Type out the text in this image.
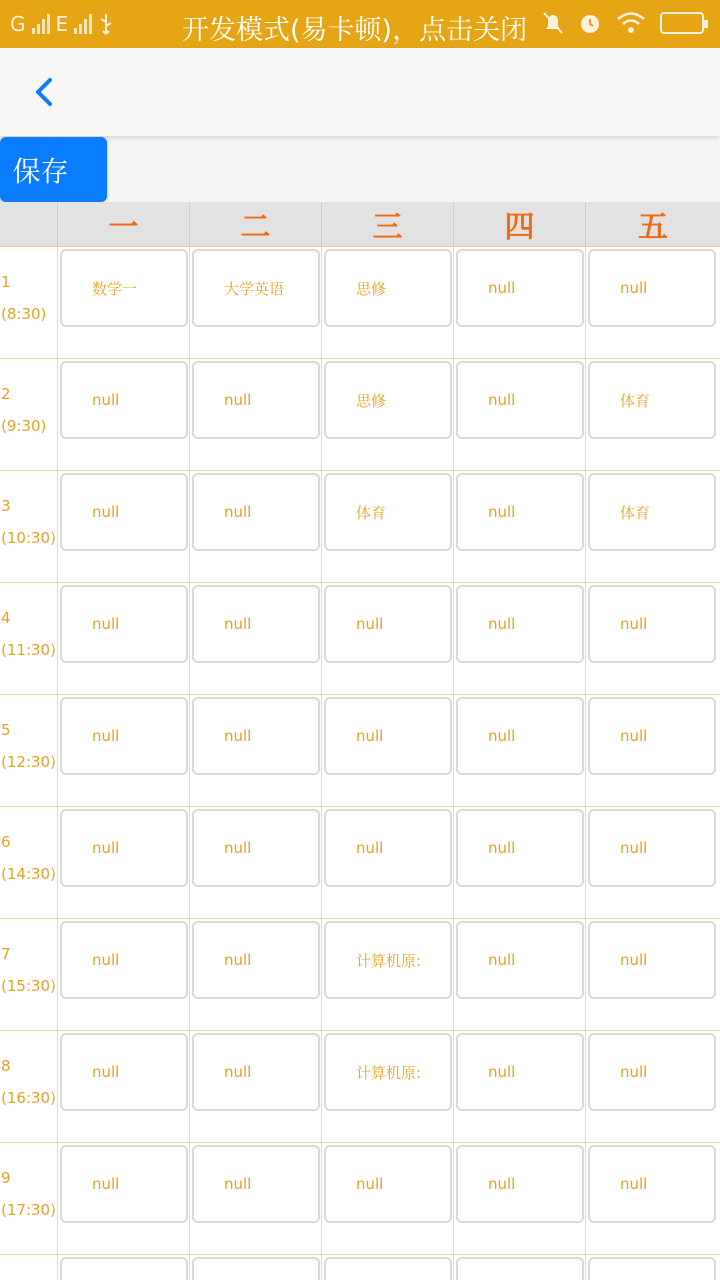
G E	开发模式(易卡顿)，点击关闭
保存
一	二	三	四	五
1
(8:30)
数学一	大学英语	思修	null	null
2
(9:30)
null	null	思修	null	体育
3
(10:30)
null	null	体育	null	体育
4
(11:30)
null	null	null	null	null
5
(12:30)
null	null	null	null	null
6
(14:30)
null	null	null	null	null
7
(15:30)
null	null	计算机原:	null	null
8
(16:30)
null	null	计算机原:	null	null
9
(17:30)
null	null	null	null	null
